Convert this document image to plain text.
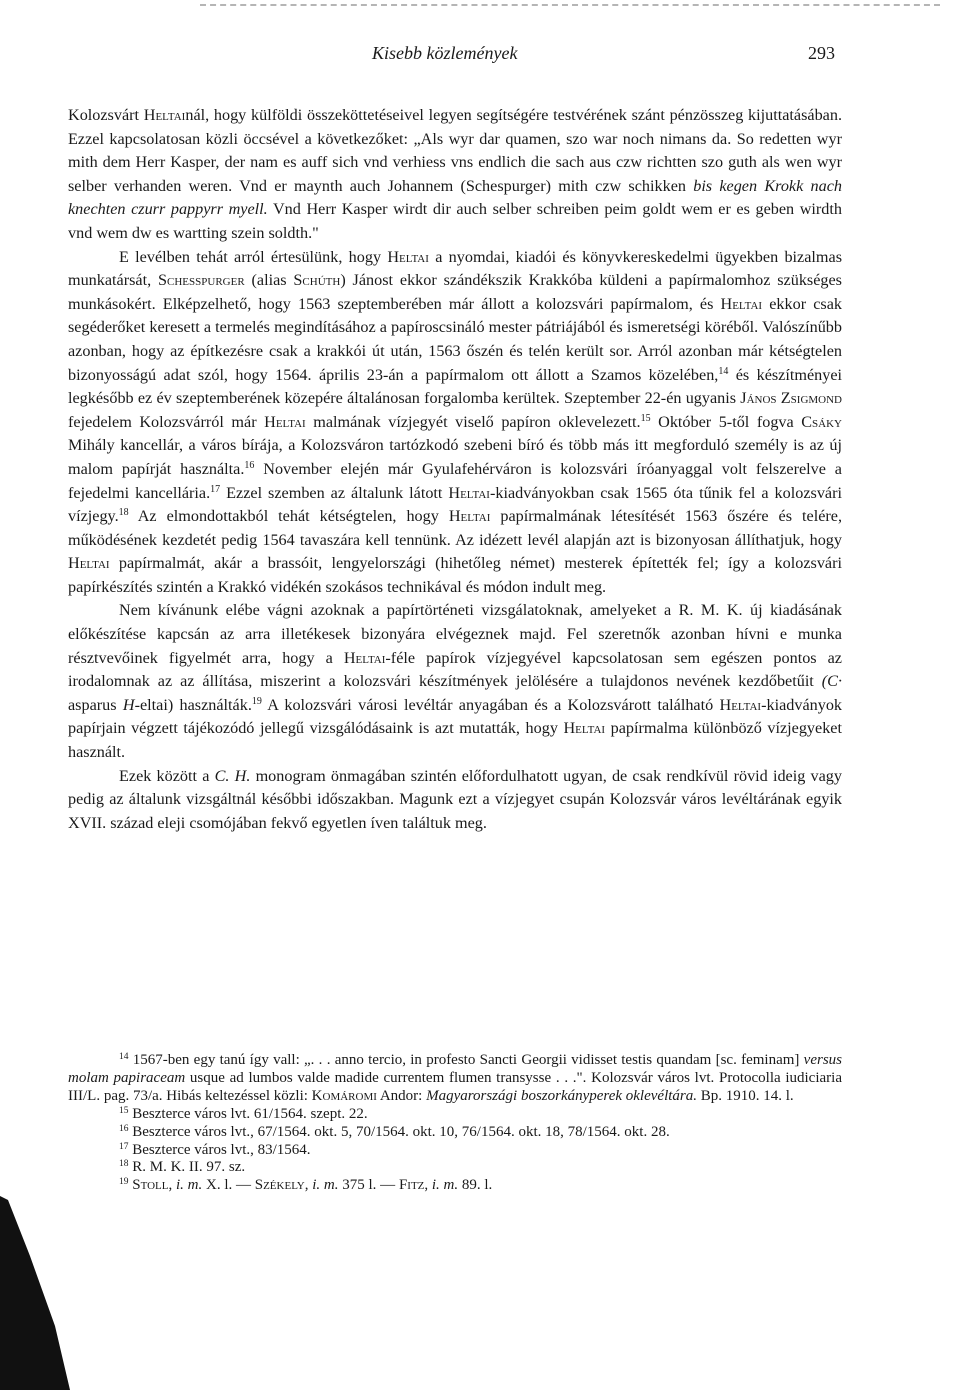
Kisebb közlemények	293

Kolozsvárt Heltainál, hogy külföldi összeköttetéseivel legyen segítségére testvérének szánt pénzösszeg kijuttatásában. Ezzel kapcsolatosan közli öccsével a következőket: „Als wyr dar quamen, szo war noch nimans da. So redetten wyr mith dem Herr Kasper, der nam es auff sich vnd verhiess vns endlich die sach aus czw richtten szo guth als wen wyr selber verhanden weren. Vnd er maynth auch Johannem (Schespurger) mith czw schikken bis kegen Krokk nach knechten czurr pappyrr myell. Vnd Herr Kasper wirdt dir auch selber schreiben peim goldt wem er es geben wirdth vnd wem dw es wartting szein soldth."

E levélben tehát arról értesülünk, hogy Heltai a nyomdai, kiadói és könyvkereskedelmi ügyekben bizalmas munkatársát, Schesspurger (alias Schúth) Jánost ekkor szándékszik Krakkóba küldeni a papírmalomhoz szükséges munkásokért. Elképzelhető, hogy 1563 szeptemberében már állott a kolozsvári papírmalom, és Heltai ekkor csak segéderőket keresett a termelés megindításához a papíroscsináló mester pátriájából és ismeretségi köréből. Valószínűbb azonban, hogy az építkezésre csak a krakkói út után, 1563 őszén és telén került sor. Arról azonban már kétségtelen bizonyosságú adat szól, hogy 1564. április 23-án a papírmalom ott állott a Szamos közelében,$^{14}$ és készítményei legkésőbb ez év szeptemberének közepére általánosan forgalomba kerültek. Szeptember 22-én ugyanis János Zsigmond fejedelem Kolozsvárról már Heltai malmának vízjegyét viselő papíron oklevelezett.$^{15}$ Október 5-től fogva Csáky Mihály kancellár, a város bírája, a Kolozsváron tartózkodó szebeni bíró és több más itt megforduló személy is az új malom papírját használta.$^{16}$ November elején már Gyulafehérváron is kolozsvári íróanyaggal volt felszerelve a fejedelmi kancellária.$^{17}$ Ezzel szemben az általunk látott Heltai-kiadványokban csak 1565 óta tűnik fel a kolozsvári vízjegy.$^{18}$ Az elmondottakból tehát kétségtelen, hogy Heltai papírmalmának létesítését 1563 őszére és telére, működésének kezdetét pedig 1564 tavaszára kell tennünk. Az idézett levél alapján azt is bizonyosan állíthatjuk, hogy Heltai papírmalmát, akár a brassóit, lengyelországi (hihetőleg német) mesterek építették fel; így a kolozsvári papírkészítés szintén a Krakkó vidékén szokásos technikával és módon indult meg.

Nem kívánunk elébe vágni azoknak a papírtörténeti vizsgálatoknak, amelyeket a R. M. K. új kiadásának előkészítése kapcsán az arra illetékesek bizonyára elvégeznek majd. Fel szeretnők azonban hívni e munka résztvevőinek figyelmét arra, hogy a Heltai-féle papírok vízjegyével kapcsolatosan sem egészen pontos az irodalomnak az az állítása, miszerint a kolozsvári készítmények jelölésére a tulajdonos nevének kezdőbetűit (C· asparus H-eltai) használták.$^{19}$ A kolozsvári városi levéltár anyagában és a Kolozsvárott található Heltai-kiadványok papírjain végzett tájékozódó jellegű vizsgálódásaink is azt mutatták, hogy Heltai papírmalma különböző vízjegyeket használt.

Ezek között a C. H. monogram önmagában szintén előfordulhatott ugyan, de csak rendkívül rövid ideig vagy pedig az általunk vizsgáltnál későbbi időszakban. Magunk ezt a vízjegyet csupán Kolozsvár város levéltárának egyik XVII. század eleji csomójában fekvő egyetlen íven találtuk meg.

$^{14}$ 1567-ben egy tanú így vall: „. . . anno tercio, in profesto Sancti Georgii vidisset testis quandam [sc. feminam] versus molam papiraceam usque ad lumbos valde madide currentem flumen transysse . . .". Kolozsvár város lvt. Protocolla iudiciaria III/L. pag. 73/a. Hibás keltezéssel közli: Komáromi Andor: Magyarországi boszorkányperek oklevéltára. Bp. 1910. 14. l.

$^{15}$ Beszterce város lvt. 61/1564. szept. 22.

$^{16}$ Beszterce város lvt., 67/1564. okt. 5, 70/1564. okt. 10, 76/1564. okt. 18, 78/1564. okt. 28.

$^{17}$ Beszterce város lvt., 83/1564.

$^{18}$ R. M. K. II. 97. sz.

$^{19}$ Stoll, i. m. X. l. — Székely, i. m. 375 l. — Fitz, i. m. 89. l.
